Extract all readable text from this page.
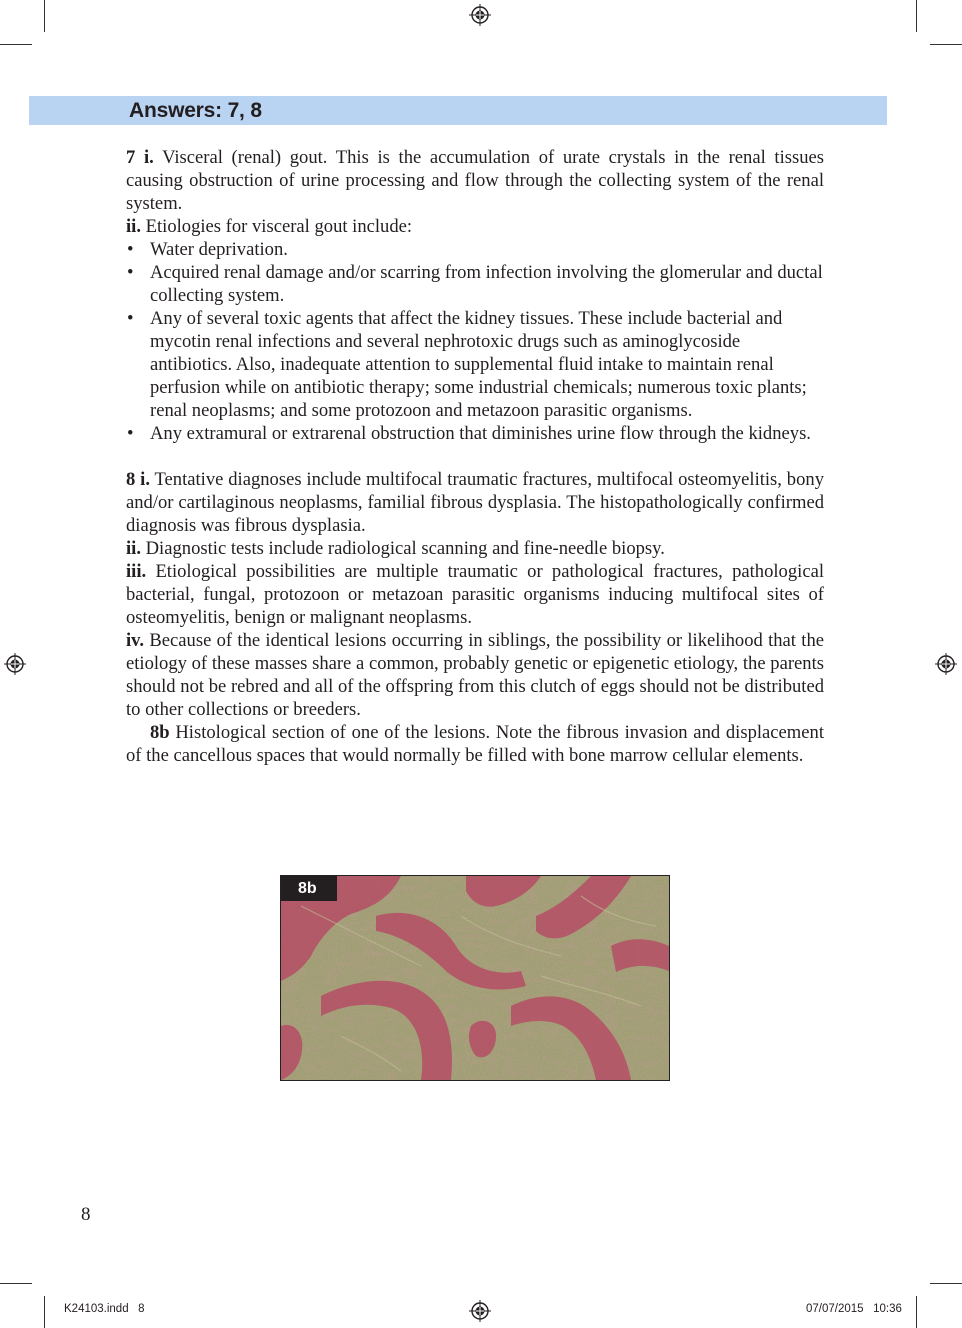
Answers: 7, 8

7 i. Visceral (renal) gout. This is the accumulation of urate crystals in the renal tissues causing obstruction of urine processing and flow through the collecting system of the renal system.

ii. Etiologies for visceral gout include:

• Water deprivation.
• Acquired renal damage and/or scarring from infection involving the glomerular and ductal collecting system.
• Any of several toxic agents that affect the kidney tissues. These include bacterial and mycotin renal infections and several nephrotoxic drugs such as aminoglycoside antibiotics. Also, inadequate attention to supplemental fluid intake to maintain renal perfusion while on antibiotic therapy; some industrial chemicals; numerous toxic plants; renal neoplasms; and some protozoon and metazoon parasitic organisms.
• Any extramural or extrarenal obstruction that diminishes urine flow through the kidneys.

8 i. Tentative diagnoses include multifocal traumatic fractures, multifocal osteomyelitis, bony and/or cartilaginous neoplasms, familial fibrous dysplasia. The histopathologically confirmed diagnosis was fibrous dysplasia.

ii. Diagnostic tests include radiological scanning and fine-needle biopsy.

iii. Etiological possibilities are multiple traumatic or pathological fractures, pathological bacterial, fungal, protozoon or metazoan parasitic organisms inducing multifocal sites of osteomyelitis, benign or malignant neoplasms.

iv. Because of the identical lesions occurring in siblings, the possibility or likelihood that the etiology of these masses share a common, probably genetic or epigenetic etiology, the parents should not be rebred and all of the offspring from this clutch of eggs should not be distributed to other collections or breeders.

8b Histological section of one of the lesions. Note the fibrous invasion and displacement of the cancellous spaces that would normally be filled with bone marrow cellular elements.

8b
8
K24103.indd   8	07/07/2015   10:36
